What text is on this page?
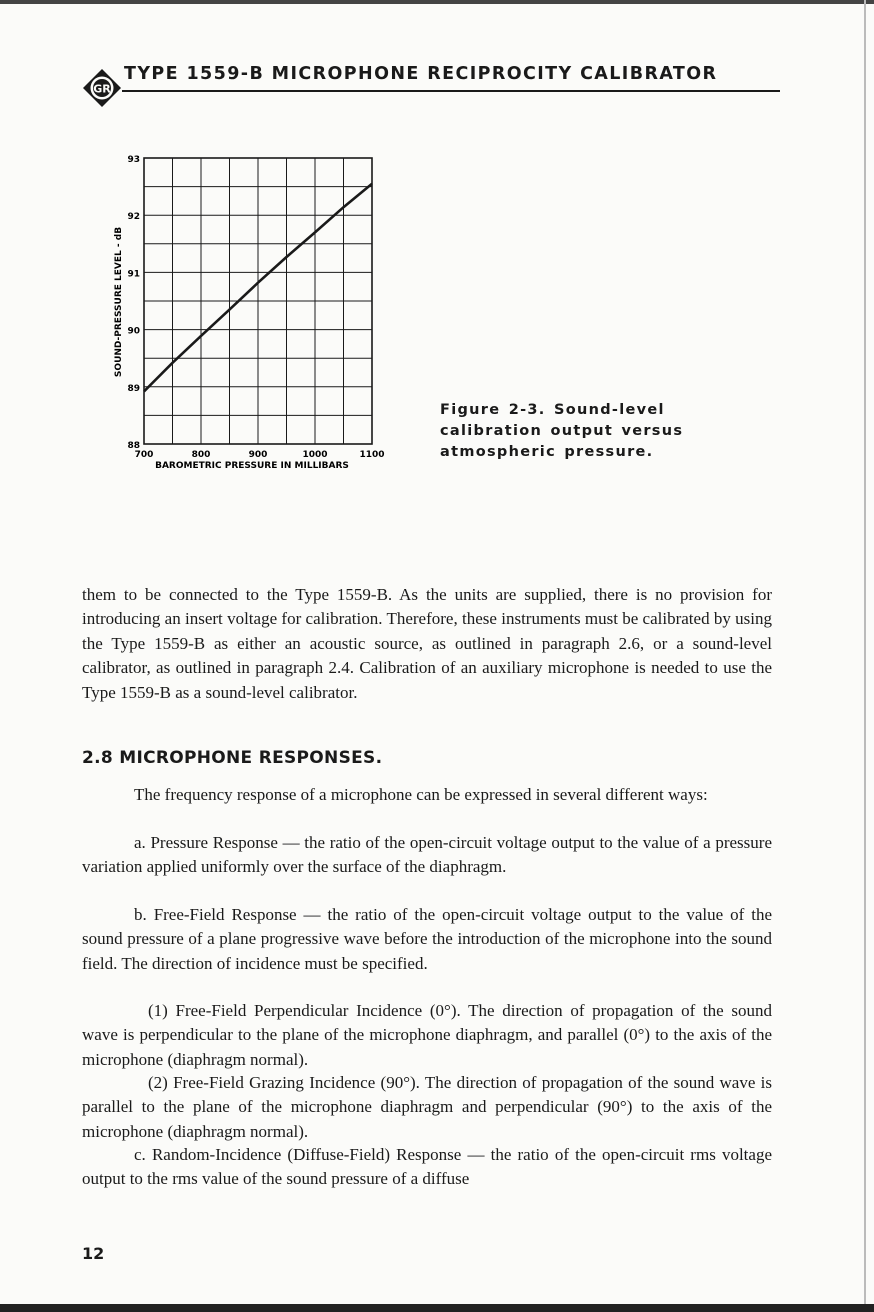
GR
TYPE 1559-B MICROPHONE RECIPROCITY CALIBRATOR
700	800	900	1000	1100
88
89
90
91
92
93
BAROMETRIC PRESSURE IN MILLIBARS
SOUND-PRESSURE LEVEL - dB
Figure 2-3. Sound-level calibration output versus atmospheric pressure.

them to be connected to the Type 1559-B. As the units are supplied, there is no provision for introducing an insert voltage for calibration. Therefore, these instruments must be calibrated by using the Type 1559-B as either an acoustic source, as outlined in paragraph 2.6, or a sound-level calibrator, as outlined in paragraph 2.4. Calibration of an auxiliary microphone is needed to use the Type 1559-B as a sound-level calibrator.

2.8 MICROPHONE RESPONSES.

The frequency response of a microphone can be expressed in several different ways:

a. Pressure Response — the ratio of the open-circuit voltage output to the value of a pressure variation applied uniformly over the surface of the diaphragm.

b. Free-Field Response — the ratio of the open-circuit voltage output to the value of the sound pressure of a plane progressive wave before the introduction of the microphone into the sound field. The direction of incidence must be specified.

(1) Free-Field Perpendicular Incidence (0°). The direction of propagation of the sound wave is perpendicular to the plane of the microphone diaphragm, and parallel (0°) to the axis of the microphone (diaphragm normal).

(2) Free-Field Grazing Incidence (90°). The direction of propagation of the sound wave is parallel to the plane of the microphone diaphragm and perpendicular (90°) to the axis of the microphone (diaphragm normal).

c. Random-Incidence (Diffuse-Field) Response — the ratio of the open-circuit rms voltage output to the rms value of the sound pressure of a diffuse

12
